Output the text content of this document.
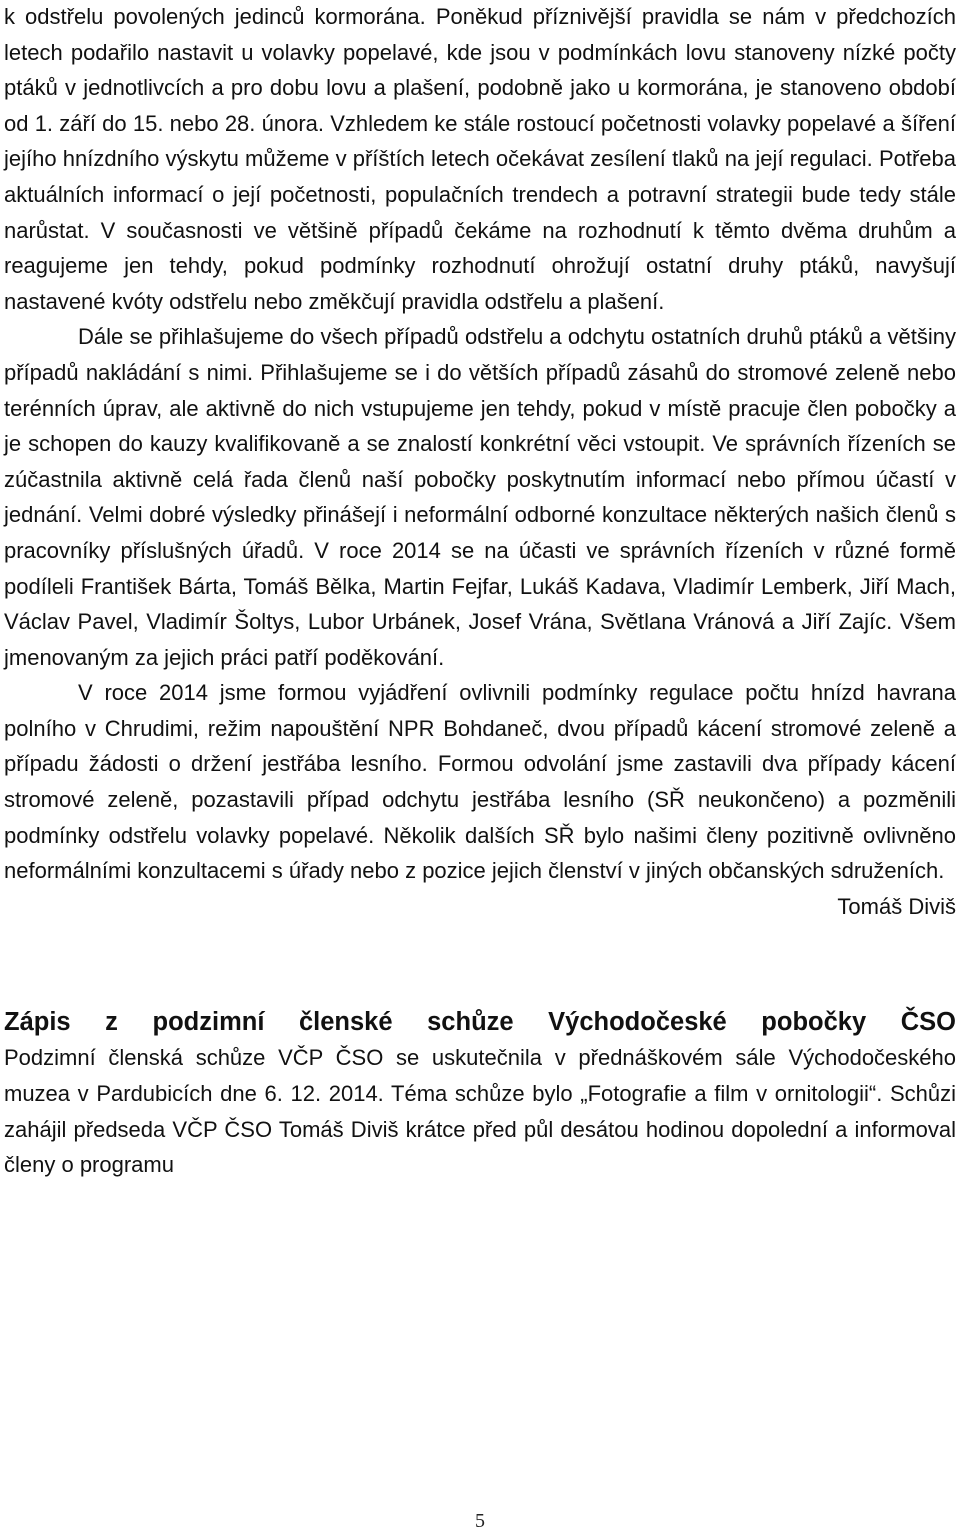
k odstřelu povolených jedinců kormorána. Poněkud příznivější pravidla se nám v předchozích letech podařilo nastavit u volavky popelavé, kde jsou v podmínkách lovu stanoveny nízké počty ptáků v jednotlivcích a pro dobu lovu a plašení, podobně jako u kormorána, je stanoveno období od 1. září do 15. nebo 28. února. Vzhledem ke stále rostoucí početnosti volavky popelavé a šíření jejího hnízdního výskytu můžeme v příštích letech očekávat zesílení tlaků na její regulaci. Potřeba aktuálních informací o její početnosti, populačních trendech a potravní strategii bude tedy stále narůstat. V současnosti ve většině případů čekáme na rozhodnutí k těmto dvěma druhům a reagujeme jen tehdy, pokud podmínky rozhodnutí ohrožují ostatní druhy ptáků, navyšují nastavené kvóty odstřelu nebo změkčují pravidla odstřelu a plašení.

Dále se přihlašujeme do všech případů odstřelu a odchytu ostatních druhů ptáků a většiny případů nakládání s nimi. Přihlašujeme se i do větších případů zásahů do stromové zeleně nebo terénních úprav, ale aktivně do nich vstupujeme jen tehdy, pokud v místě pracuje člen pobočky a je schopen do kauzy kvalifikovaně a se znalostí konkrétní věci vstoupit. Ve správních řízeních se zúčastnila aktivně celá řada členů naší pobočky poskytnutím informací nebo přímou účastí v jednání. Velmi dobré výsledky přinášejí i neformální odborné konzultace některých našich členů s pracovníky příslušných úřadů. V roce 2014 se na účasti ve správních řízeních v různé formě podíleli František Bárta, Tomáš Bělka, Martin Fejfar, Lukáš Kadava, Vladimír Lemberk, Jiří Mach, Václav Pavel, Vladimír Šoltys, Lubor Urbánek, Josef Vrána, Světlana Vránová a Jiří Zajíc. Všem jmenovaným za jejich práci patří poděkování.

V roce 2014 jsme formou vyjádření ovlivnili podmínky regulace počtu hnízd havrana polního v Chrudimi, režim napouštění NPR Bohdaneč, dvou případů kácení stromové zeleně a případu žádosti o držení jestřába lesního. Formou odvolání jsme zastavili dva případy kácení stromové zeleně, pozastavili případ odchytu jestřába lesního (SŘ neukončeno) a pozměnili podmínky odstřelu volavky popelavé. Několik dalších SŘ bylo našimi členy pozitivně ovlivněno neformálními konzultacemi s úřady nebo z pozice jejich členství v jiných občanských sdruženích.

Tomáš Diviš

Zápis z podzimní členské schůze Východočeské pobočky ČSO

Podzimní členská schůze VČP ČSO se uskutečnila v přednáškovém sále Východočeského muzea v Pardubicích dne 6. 12. 2014. Téma schůze bylo „Fotografie a film v ornitologii“. Schůzi zahájil předseda VČP ČSO Tomáš Diviš krátce před půl desátou hodinou dopolední a informoval členy o programu

5
